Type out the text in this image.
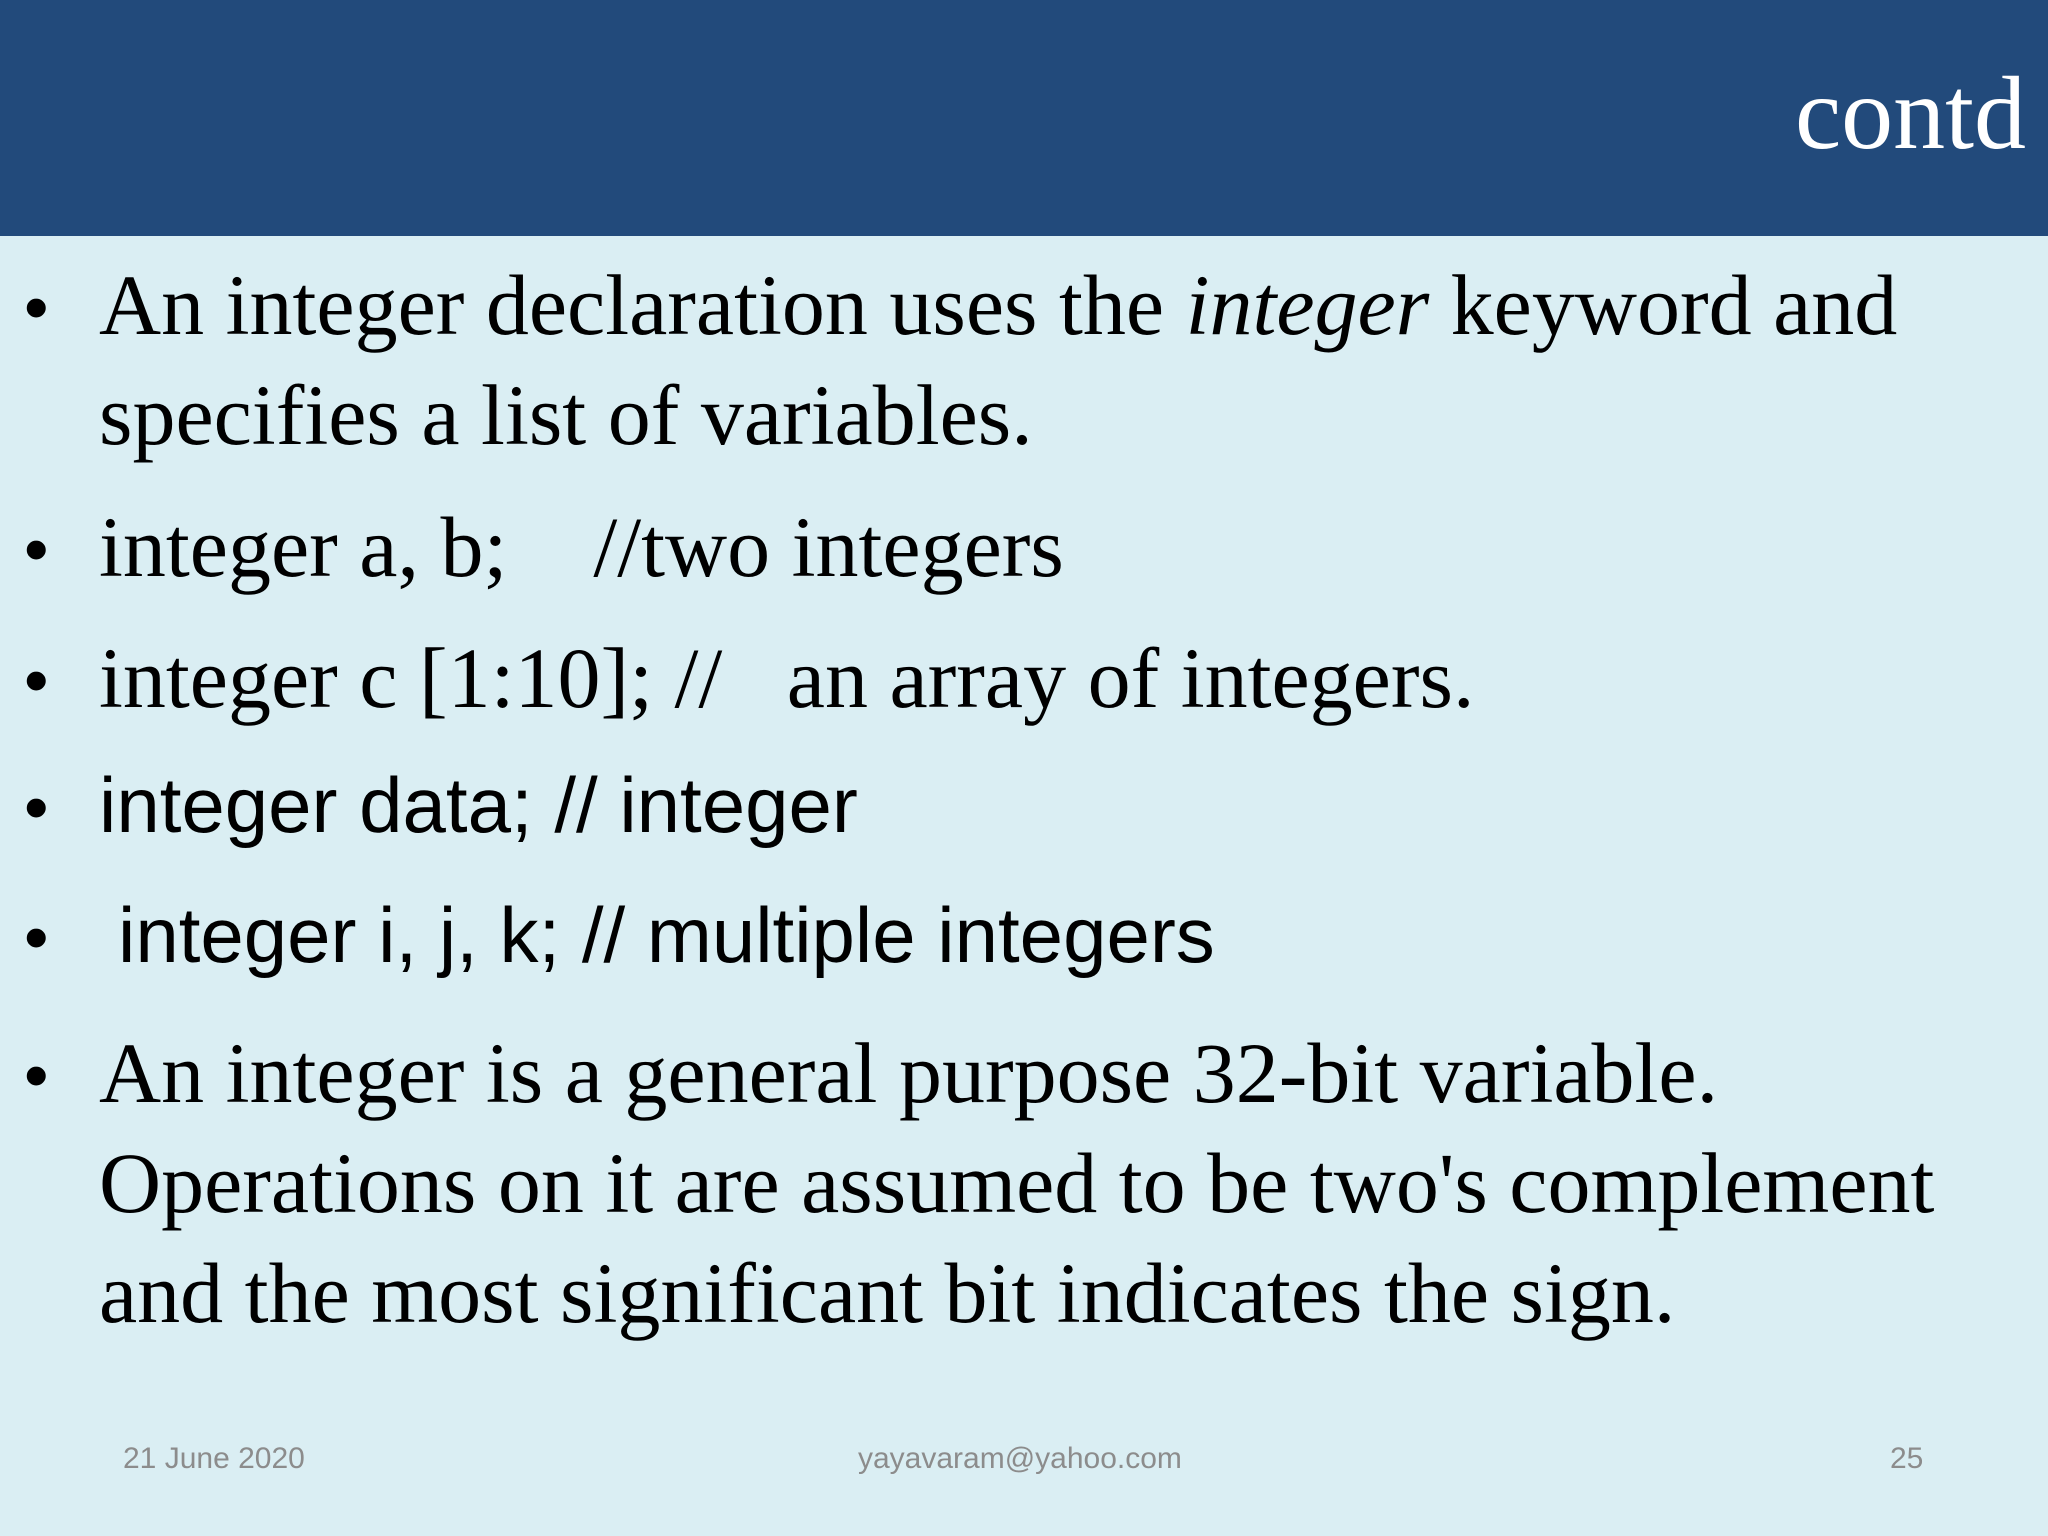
contd
• An integer declaration uses the integer keyword and specifies a list of variables.

• integer a, b;    //two integers

• integer c [1:10]; //   an array of integers.

• integer data; // integer

• integer i, j, k; // multiple integers

• An integer is a general purpose 32-bit variable. Operations on it are assumed to be two's complement and the most significant bit indicates the sign.

21 June 2020	yayavaram@yahoo.com	25
